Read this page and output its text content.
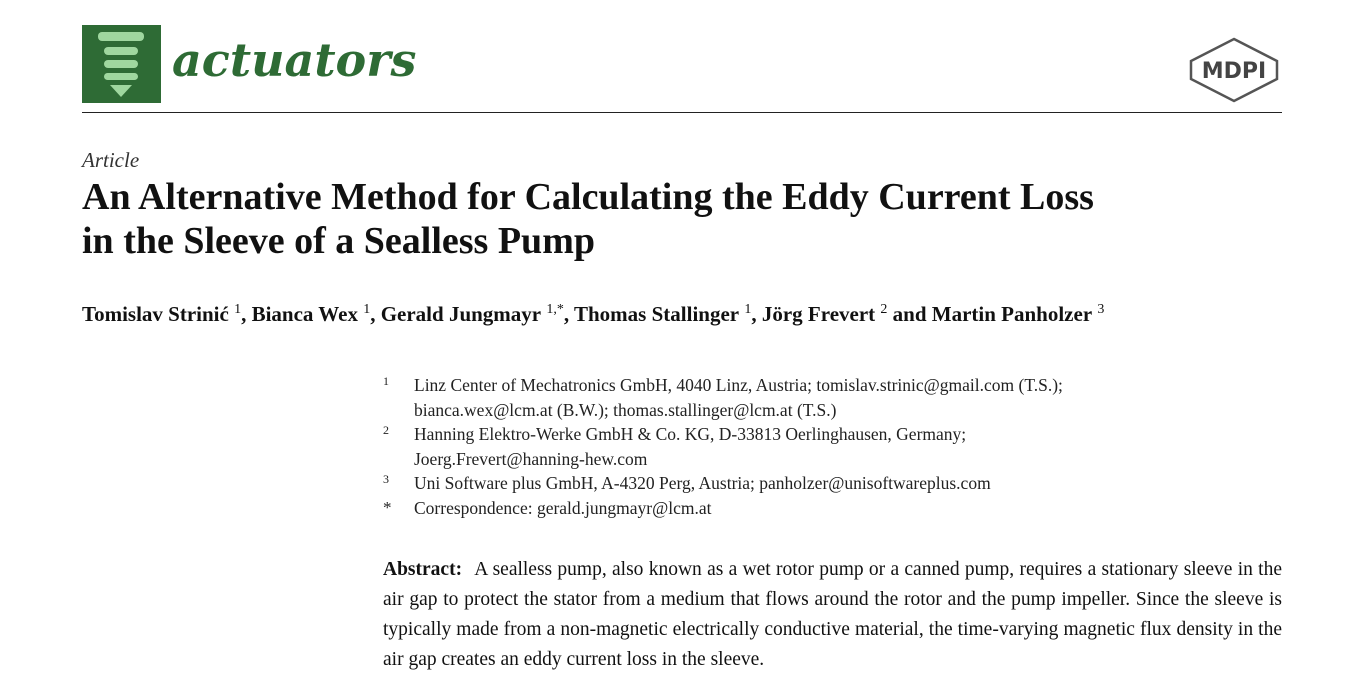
actuators	MDPI
Article
An Alternative Method for Calculating the Eddy Current Loss
in the Sleeve of a Sealless Pump
Tomislav Strinić $^1$, Bianca Wex $^1$, Gerald Jungmayr $^{1,*}$, Thomas Stallinger $^1$, Jörg Frevert $^2$ and Martin Panholzer $^3$
1 Linz Center of Mechatronics GmbH, 4040 Linz, Austria; tomislav.strinic@gmail.com (T.S.);
bianca.wex@lcm.at (B.W.); thomas.stallinger@lcm.at (T.S.)
2 Hanning Elektro-Werke GmbH & Co. KG, D-33813 Oerlinghausen, Germany;
Joerg.Frevert@hanning-hew.com
3 Uni Software plus GmbH, A-4320 Perg, Austria; panholzer@unisoftwareplus.com
* Correspondence: gerald.jungmayr@lcm.at
Abstract: A sealless pump, also known as a wet rotor pump or a canned pump, requires a stationary sleeve in the air gap to protect the stator from a medium that flows around the rotor and the pump impeller. Since the sleeve is typically made from a non-magnetic electrically conductive material, the time-varying magnetic flux density in the air gap creates an eddy current loss in the sleeve.
